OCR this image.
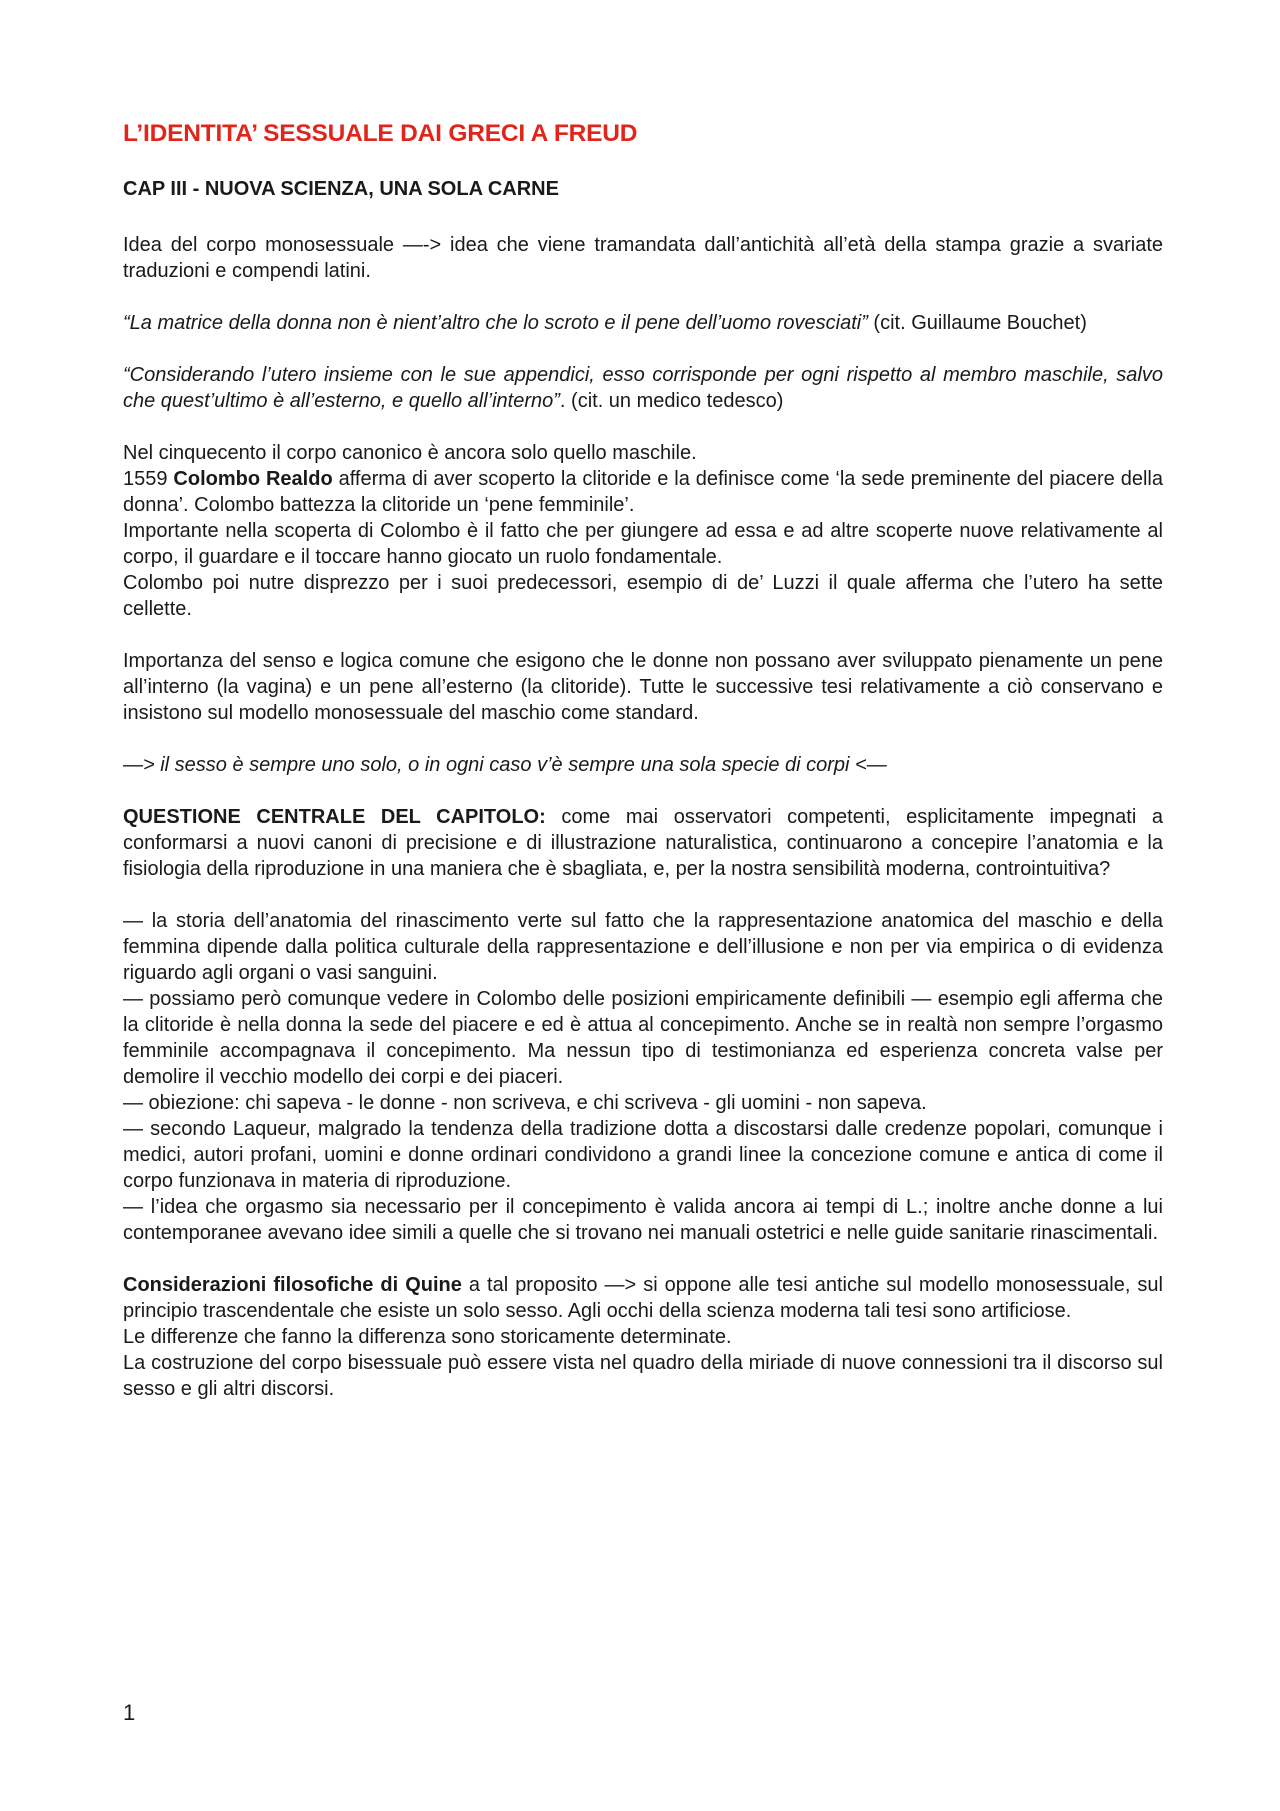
L’IDENTITA’ SESSUALE DAI GRECI A FREUD
CAP III - NUOVA SCIENZA, UNA SOLA CARNE

Idea del corpo monosessuale —-> idea che viene tramandata dall’antichità all’età della stampa grazie a svariate traduzioni e compendi latini.

“La matrice della donna non è nient’altro che lo scroto e il pene dell’uomo rovesciati” (cit. Guillaume Bouchet)

“Considerando l’utero insieme con le sue appendici, esso corrisponde per ogni rispetto al membro maschile, salvo che quest’ultimo è all’esterno, e quello all’interno”. (cit. un medico tedesco)

Nel cinquecento il corpo canonico è ancora solo quello maschile.

1559 Colombo Realdo afferma di aver scoperto la clitoride e la definisce come ‘la sede preminente del piacere della donna’. Colombo battezza la clitoride un ‘pene femminile’.

Importante nella scoperta di Colombo è il fatto che per giungere ad essa e ad altre scoperte nuove relativamente al corpo, il guardare e il toccare hanno giocato un ruolo fondamentale.

Colombo poi nutre disprezzo per i suoi predecessori, esempio di de’ Luzzi il quale afferma che l’utero ha sette cellette.

Importanza del senso e logica comune che esigono che le donne non possano aver sviluppato pienamente un pene all’interno (la vagina) e un pene all’esterno (la clitoride). Tutte le successive tesi relativamente a ciò conservano e insistono sul modello monosessuale del maschio come standard.

—> il sesso è sempre uno solo, o in ogni caso v’è sempre una sola specie di corpi <—

QUESTIONE CENTRALE DEL CAPITOLO: come mai osservatori competenti, esplicitamente impegnati a conformarsi a nuovi canoni di precisione e di illustrazione naturalistica, continuarono a concepire l’anatomia e la fisiologia della riproduzione in una maniera che è sbagliata, e, per la nostra sensibilità moderna, controintuitiva?

— la storia dell’anatomia del rinascimento verte sul fatto che la rappresentazione anatomica del maschio e della femmina dipende dalla politica culturale della rappresentazione e dell’illusione e non per via empirica o di evidenza riguardo agli organi o vasi sanguini.

— possiamo però comunque vedere in Colombo delle posizioni empiricamente definibili — esempio egli afferma che la clitoride è nella donna la sede del piacere e ed è attua al concepimento. Anche se in realtà non sempre l’orgasmo femminile accompagnava il concepimento. Ma nessun tipo di testimonianza ed esperienza concreta valse per demolire il vecchio modello dei corpi e dei piaceri.

— obiezione: chi sapeva - le donne - non scriveva, e chi scriveva - gli uomini - non sapeva.

— secondo Laqueur, malgrado la tendenza della tradizione dotta a discostarsi dalle credenze popolari, comunque i medici, autori profani, uomini e donne ordinari condividono a grandi linee la concezione comune e antica di come il corpo funzionava in materia di riproduzione.

— l’idea che orgasmo sia necessario per il concepimento è valida ancora ai tempi di L.; inoltre anche donne a lui contemporanee avevano idee simili a quelle che si trovano nei manuali ostetrici e nelle guide sanitarie rinascimentali.

Considerazioni filosofiche di Quine a tal proposito —> si oppone alle tesi antiche sul modello monosessuale, sul principio trascendentale che esiste un solo sesso. Agli occhi della scienza moderna tali tesi sono artificiose.

Le differenze che fanno la differenza sono storicamente determinate.

La costruzione del corpo bisessuale può essere vista nel quadro della miriade di nuove connessioni tra il discorso sul sesso e gli altri discorsi.

1
